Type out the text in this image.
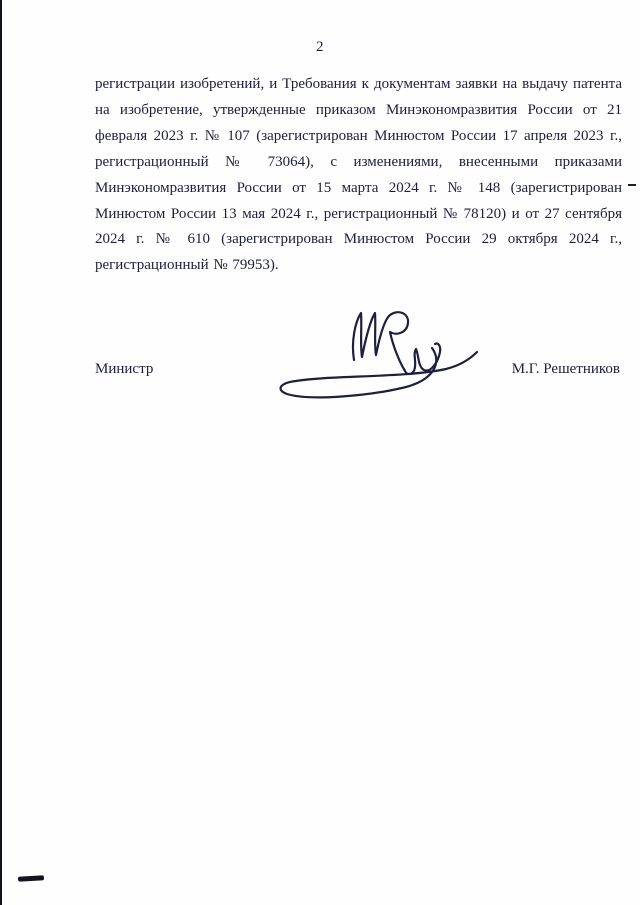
2

регистрации изобретений, и Требования к документам заявки на выдачу патента на изобретение, утвержденные приказом Минэкономразвития России от 21 февраля 2023 г. № 107 (зарегистрирован Минюстом России 17 апреля 2023 г., регистрационный № 73064), с изменениями, внесенными приказами Минэкономразвития России от 15 марта 2024 г. № 148 (зарегистрирован Минюстом России 13 мая 2024 г., регистрационный № 78120) и от 27 сентября 2024 г. № 610 (зарегистрирован Минюстом России 29 октября 2024 г., регистрационный № 79953).

Министр	М.Г. Решетников
